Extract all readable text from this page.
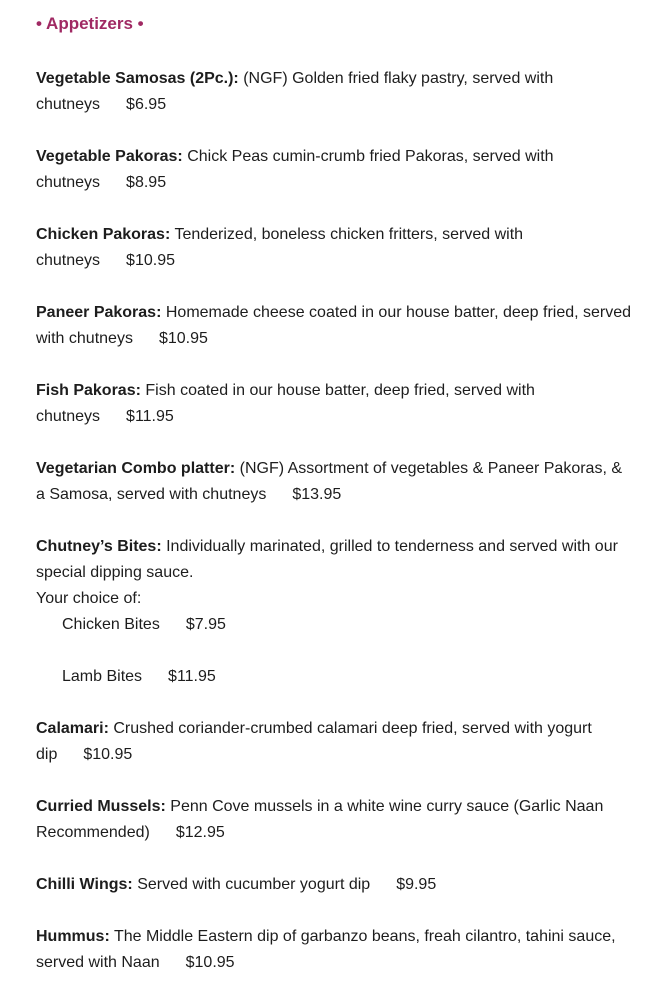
• Appetizers •

Vegetable Samosas (2Pc.): (NGF) Golden fried flaky pastry, served with chutneys $6.95

Vegetable Pakoras: Chick Peas cumin-crumb fried Pakoras, served with chutneys $8.95

Chicken Pakoras: Tenderized, boneless chicken fritters, served with chutneys $10.95

Paneer Pakoras: Homemade cheese coated in our house batter, deep fried, served with chutneys $10.95

Fish Pakoras: Fish coated in our house batter, deep fried, served with chutneys $11.95

Vegetarian Combo platter: (NGF) Assortment of vegetables & Paneer Pakoras, & a Samosa, served with chutneys $13.95

Chutney’s Bites: Individually marinated, grilled to tenderness and served with our special dipping sauce.

Your choice of:

Chicken Bites $7.95
Lamb Bites $11.95

Calamari: Crushed coriander-crumbed calamari deep fried, served with yogurt dip $10.95

Curried Mussels: Penn Cove mussels in a white wine curry sauce (Garlic Naan Recommended) $12.95

Chilli Wings: Served with cucumber yogurt dip $9.95

Hummus: The Middle Eastern dip of garbanzo beans, freah cilantro, tahini sauce, served with Naan $10.95
